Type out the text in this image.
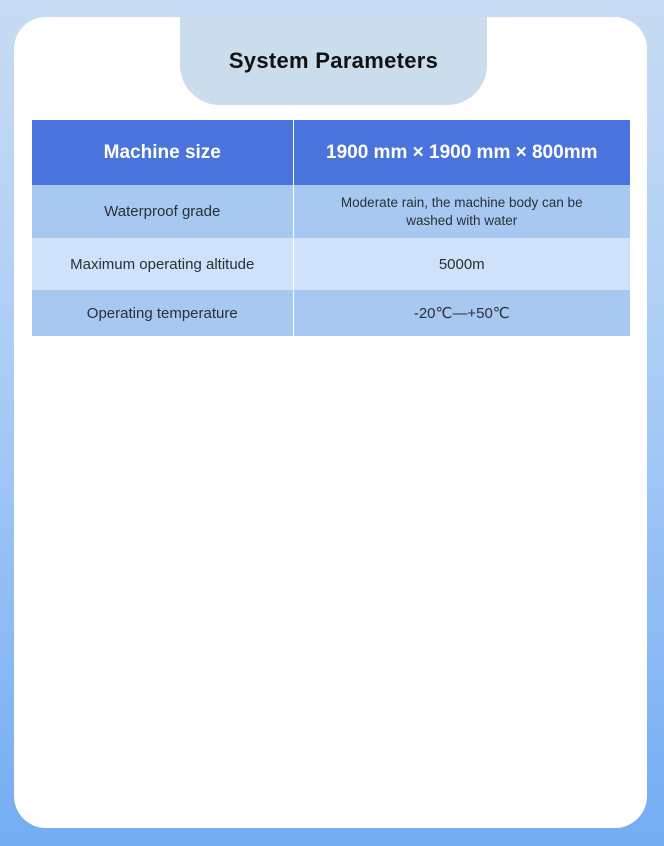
System Parameters
Machine size	1900 mm × 1900 mm × 800mm
Waterproof grade	Moderate rain, the machine body can be washed with water
Maximum operating altitude	5000m
Operating temperature	-20℃—+50℃
